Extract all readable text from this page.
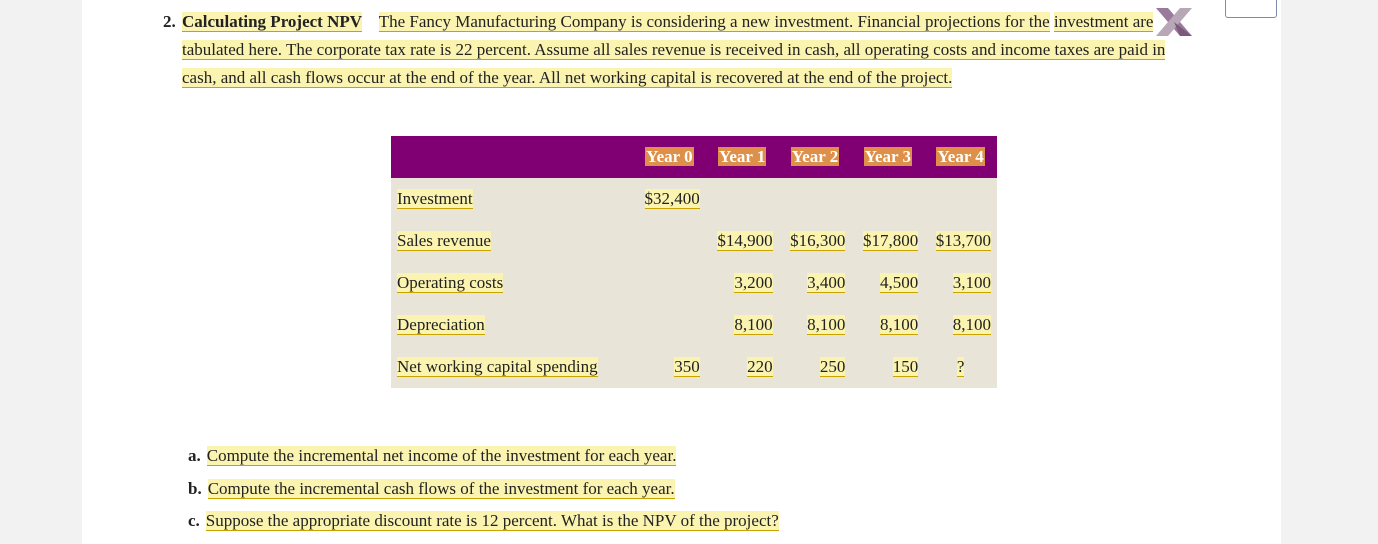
2. Calculating Project NPV The Fancy Manufacturing Company is considering a new investment. Financial projections for the investment are tabulated here. The corporate tax rate is 22 percent. Assume all sales revenue is received in cash, all operating costs and income taxes are paid in cash, and all cash flows occur at the end of the year. All net working capital is recovered at the end of the project.
	Year 0	Year 1	Year 2	Year 3	Year 4
Investment	$32,400				
Sales revenue		$14,900	$16,300	$17,800	$13,700
Operating costs		3,200	3,400	4,500	3,100
Depreciation		8,100	8,100	8,100	8,100
Net working capital spending	350	220	250	150	?
a. Compute the incremental net income of the investment for each year.
b. Compute the incremental cash flows of the investment for each year.
c. Suppose the appropriate discount rate is 12 percent. What is the NPV of the project?
